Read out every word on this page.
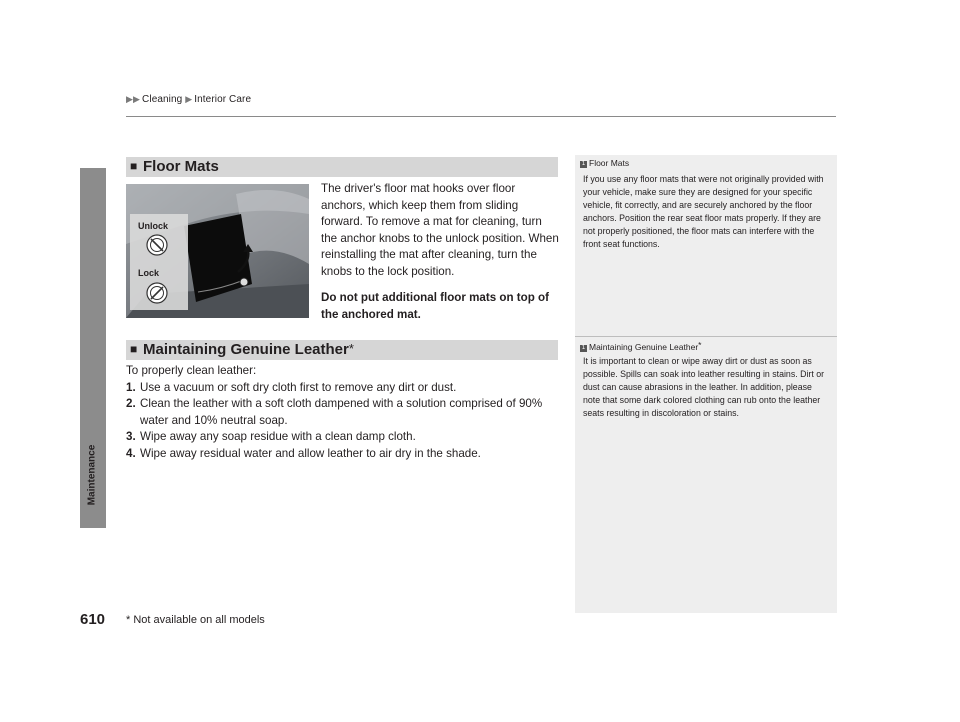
▶▶ Cleaning ▶ Interior Care
Maintenance
610
■ Floor Mats
Unlock
Lock
The driver's floor mat hooks over floor anchors, which keep them from sliding forward. To remove a mat for cleaning, turn the anchor knobs to the unlock position. When reinstalling the mat after cleaning, turn the knobs to the lock position.
Do not put additional floor mats on top of the anchored mat.
■ Maintaining Genuine Leather*
To properly clean leather:
1. Use a vacuum or soft dry cloth first to remove any dirt or dust.
2. Clean the leather with a soft cloth dampened with a solution comprised of 90% water and 10% neutral soap.
3. Wipe away any soap residue with a clean damp cloth.
4. Wipe away residual water and allow leather to air dry in the shade.
1 Floor Mats
If you use any floor mats that were not originally provided with your vehicle, make sure they are designed for your specific vehicle, fit correctly, and are securely anchored by the floor anchors. Position the rear seat floor mats properly. If they are not properly positioned, the floor mats can interfere with the front seat functions.
1 Maintaining Genuine Leather*
It is important to clean or wipe away dirt or dust as soon as possible. Spills can soak into leather resulting in stains. Dirt or dust can cause abrasions in the leather. In addition, please note that some dark colored clothing can rub onto the leather seats resulting in discoloration or stains.
* Not available on all models
